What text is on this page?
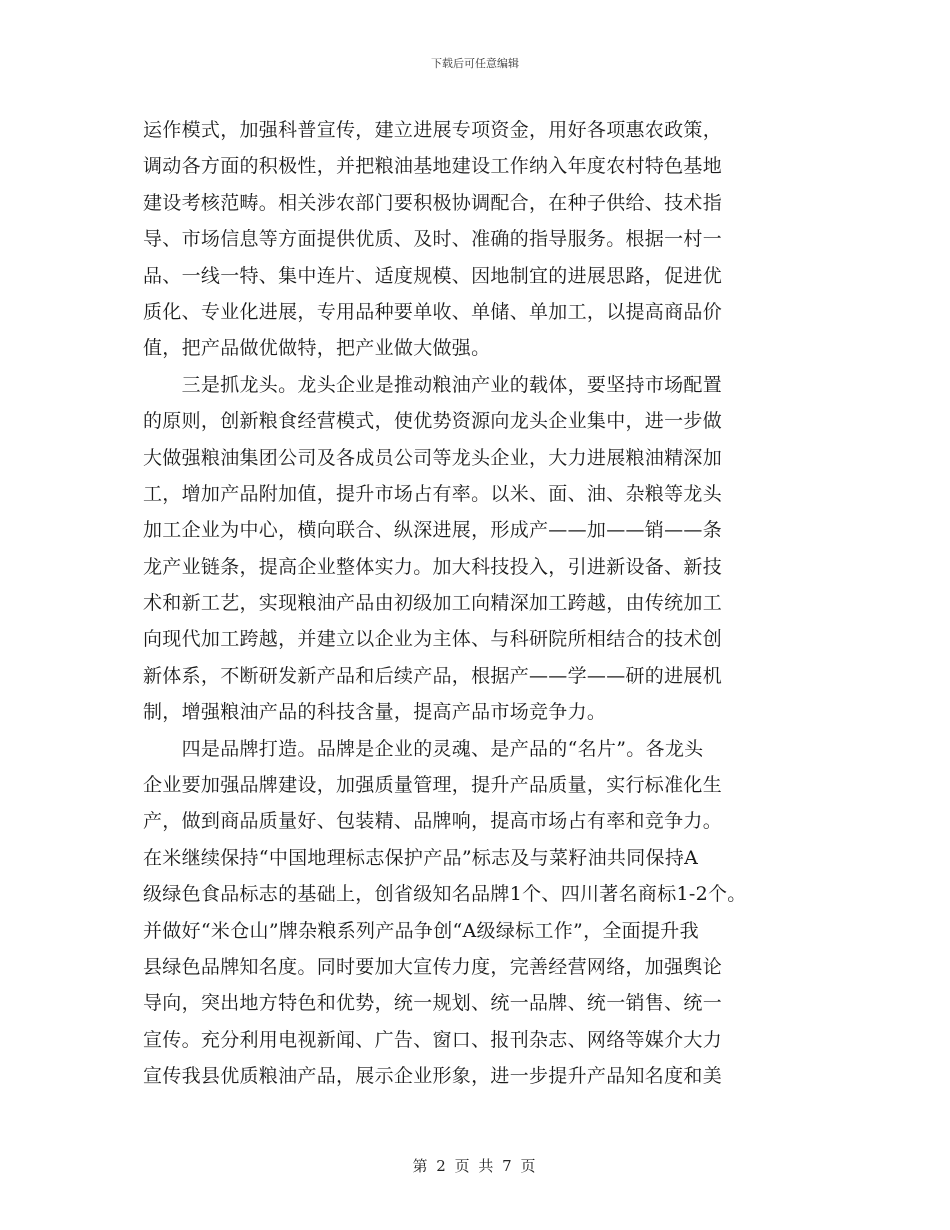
下载后可任意编辑
运作模式，加强科普宣传，建立进展专项资金，用好各项惠农政策，
调动各方面的积极性，并把粮油基地建设工作纳入年度农村特色基地
建设考核范畴。相关涉农部门要积极协调配合，在种子供给、技术指
导、市场信息等方面提供优质、及时、准确的指导服务。根据一村一
品、一线一特、集中连片、适度规模、因地制宜的进展思路，促进优
质化、专业化进展，专用品种要单收、单储、单加工，以提高商品价
值，把产品做优做特，把产业做大做强。
　　三是抓龙头。龙头企业是推动粮油产业的载体，要坚持市场配置
的原则，创新粮食经营模式，使优势资源向龙头企业集中，进一步做
大做强粮油集团公司及各成员公司等龙头企业，大力进展粮油精深加
工，增加产品附加值，提升市场占有率。以米、面、油、杂粮等龙头
加工企业为中心，横向联合、纵深进展，形成产——加——销——条
龙产业链条，提高企业整体实力。加大科技投入，引进新设备、新技
术和新工艺，实现粮油产品由初级加工向精深加工跨越，由传统加工
向现代加工跨越，并建立以企业为主体、与科研院所相结合的技术创
新体系，不断研发新产品和后续产品，根据产——学——研的进展机
制，增强粮油产品的科技含量，提高产品市场竞争力。
　　四是品牌打造。品牌是企业的灵魂、是产品的“名片”。各龙头
企业要加强品牌建设，加强质量管理，提升产品质量，实行标准化生
产，做到商品质量好、包装精、品牌响，提高市场占有率和竞争力。
在米继续保持“中国地理标志保护产品”标志及与菜籽油共同保持A
级绿色食品标志的基础上，创省级知名品牌1个、四川著名商标1-2个。
并做好“米仓山”牌杂粮系列产品争创“A级绿标工作”，全面提升我
县绿色品牌知名度。同时要加大宣传力度，完善经营网络，加强舆论
导向，突出地方特色和优势，统一规划、统一品牌、统一销售、统一
宣传。充分利用电视新闻、广告、窗口、报刊杂志、网络等媒介大力
宣传我县优质粮油产品，展示企业形象，进一步提升产品知名度和美
第 2 页 共 7 页
